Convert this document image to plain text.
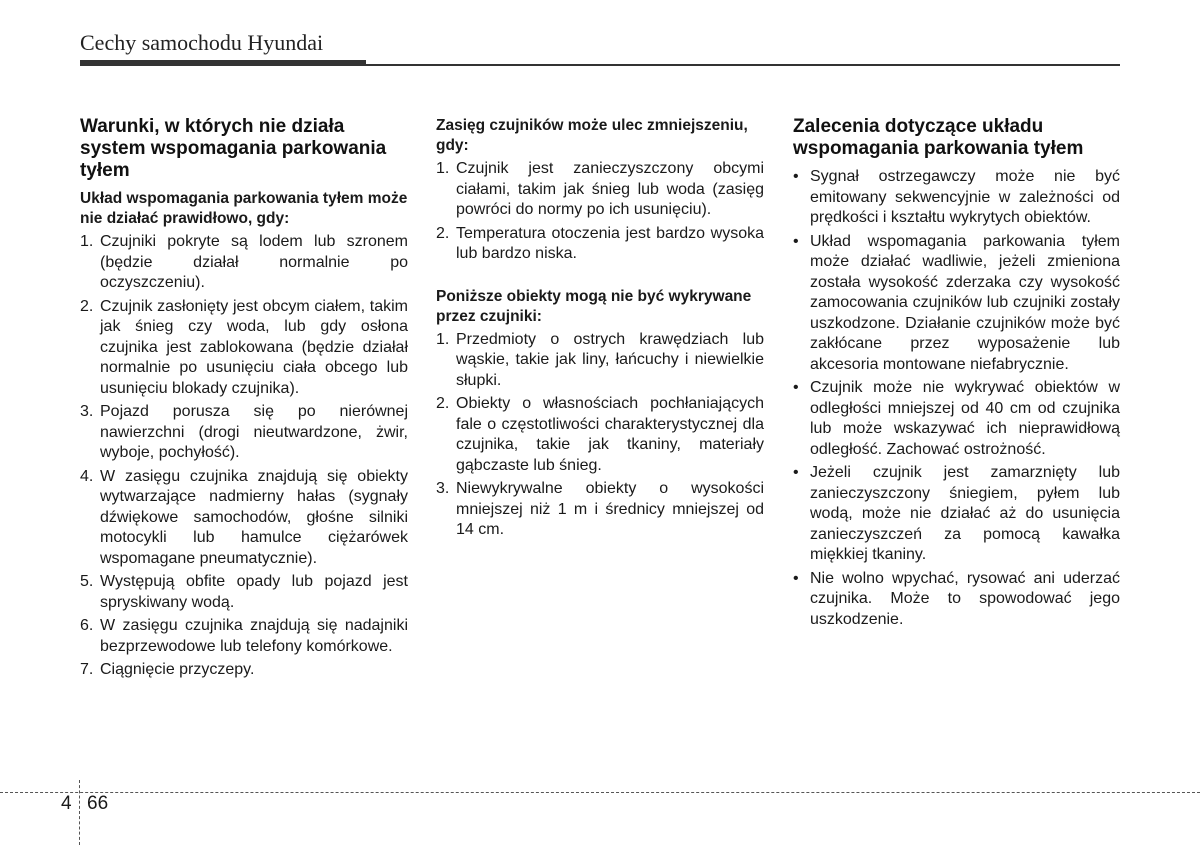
Cechy samochodu Hyundai
Warunki, w których nie działa system wspomagania parkowania tyłem
Układ wspomagania parkowania tyłem może nie działać prawidłowo, gdy:
1. Czujniki pokryte są lodem lub szronem (będzie działał normalnie po oczyszczeniu).
2. Czujnik zasłonięty jest obcym ciałem, takim jak śnieg czy woda, lub gdy osłona czujnika jest zablokowana (będzie działał normalnie po usunięciu ciała obcego lub usunięciu blokady czujnika).
3. Pojazd porusza się po nierównej nawierzchni (drogi nieutwardzone, żwir, wyboje, pochyłość).
4. W zasięgu czujnika znajdują się obiekty wytwarzające nadmierny hałas (sygnały dźwiękowe samochodów, głośne silniki motocykli lub hamulce ciężarówek wspomagane pneumatycznie).
5. Występują obfite opady lub pojazd jest spryskiwany wodą.
6. W zasięgu czujnika znajdują się nadajniki bezprzewodowe lub telefony komórkowe.
7. Ciągnięcie przyczepy.
Zasięg czujników może ulec zmniejszeniu, gdy:
1. Czujnik jest zanieczyszczony obcymi ciałami, takim jak śnieg lub woda (zasięg powróci do normy po ich usunięciu).
2. Temperatura otoczenia jest bardzo wysoka lub bardzo niska.
Poniższe obiekty mogą nie być wykrywane przez czujniki:
1. Przedmioty o ostrych krawędziach lub wąskie, takie jak liny, łańcuchy i niewielkie słupki.
2. Obiekty o własnościach pochłaniających fale o częstotliwości charakterystycznej dla czujnika, takie jak tkaniny, materiały gąbczaste lub śnieg.
3. Niewykrywalne obiekty o wysokości mniejszej niż 1 m i średnicy mniejszej od 14 cm.
Zalecenia dotyczące układu wspomagania parkowania tyłem
• Sygnał ostrzegawczy może nie być emitowany sekwencyjnie w zależności od prędkości i kształtu wykrytych obiektów.
• Układ wspomagania parkowania tyłem może działać wadliwie, jeżeli zmieniona została wysokość zderzaka czy wysokość zamocowania czujników lub czujniki zostały uszkodzone. Działanie czujników może być zakłócane przez wyposażenie lub akcesoria montowane niefabrycznie.
• Czujnik może nie wykrywać obiektów w odległości mniejszej od 40 cm od czujnika lub może wskazywać ich nieprawidłową odległość. Zachować ostrożność.
• Jeżeli czujnik jest zamarznięty lub zanieczyszczony śniegiem, pyłem lub wodą, może nie działać aż do usunięcia zanieczyszczeń za pomocą kawałka miękkiej tkaniny.
• Nie wolno wpychać, rysować ani uderzać czujnika. Może to spowodować jego uszkodzenie.
4 66
